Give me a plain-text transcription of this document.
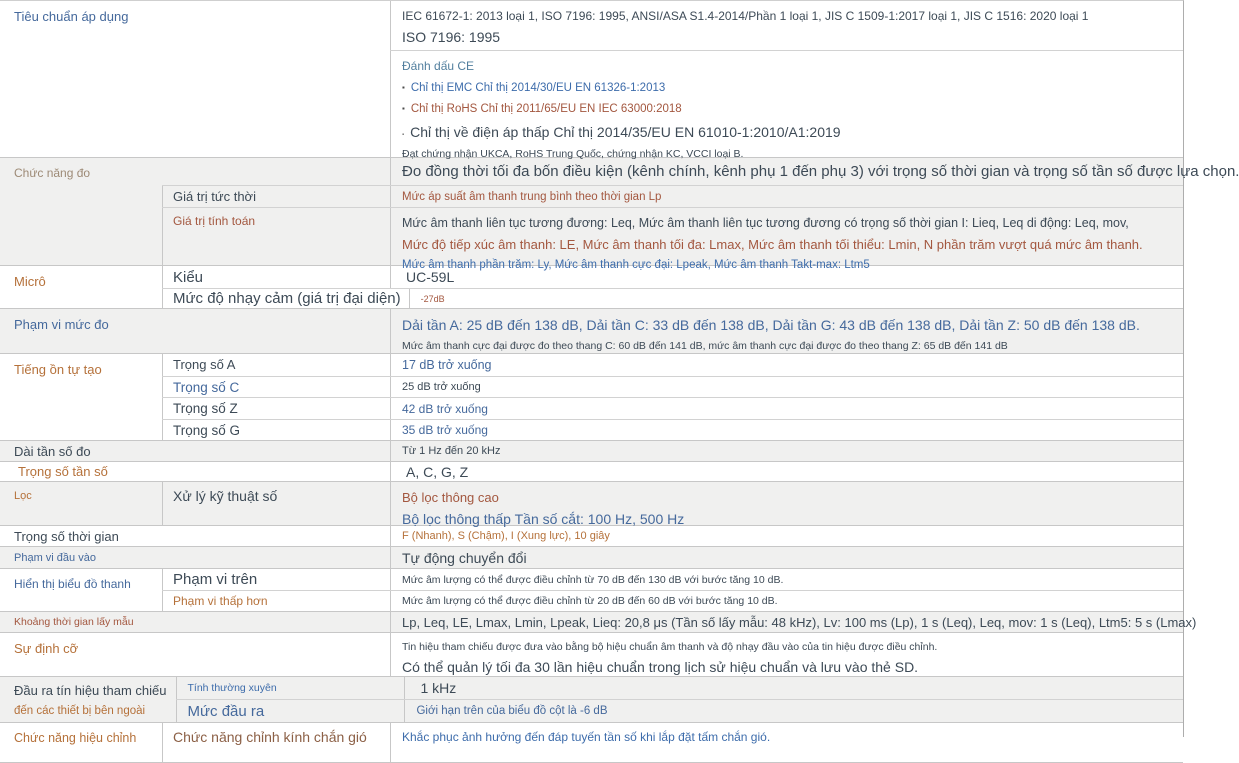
Tiêu chuẩn áp dụng	IEC 61672-1: 2013 loại 1, ISO 7196: 1995, ANSI/ASA S1.4-2014/Phần 1 loại 1, JIS C 1509-1:2017 loại 1, JIS C 1516: 2020 loại 1
ISO 7196: 1995
Đánh dấu CE
▪ Chỉ thị EMC Chỉ thị 2014/30/EU EN 61326-1:2013
▪ Chỉ thị RoHS Chỉ thị 2011/65/EU EN IEC 63000:2018
▪ Chỉ thị về điện áp thấp Chỉ thị 2014/35/EU EN 61010-1:2010/A1:2019
Đạt chứng nhận UKCA, RoHS Trung Quốc, chứng nhận KC, VCCI loại B.
Chức năng đo	Đo đồng thời tối đa bốn điều kiện (kênh chính, kênh phụ 1 đến phụ 3) với trọng số thời gian và trọng số tần số được lựa chọn.
Giá trị tức thời	Mức áp suất âm thanh trung bình theo thời gian Lp
Giá trị tính toán	Mức âm thanh liên tục tương đương: Leq, Mức âm thanh liên tục tương đương có trọng số thời gian I: Lieq, Leq di động: Leq, mov,
Mức độ tiếp xúc âm thanh: LE, Mức âm thanh tối đa: Lmax, Mức âm thanh tối thiểu: Lmin, N phần trăm vượt quá mức âm thanh.
Mức âm thanh phần trăm: Ly, Mức âm thanh cực đại: Lpeak, Mức âm thanh Takt-max: Ltm5
Micrô	Kiểu	UC-59L
Mức độ nhạy cảm (giá trị đại diện)	-27dB
Phạm vi mức đo	Dải tần A: 25 dB đến 138 dB, Dải tần C: 33 dB đến 138 dB, Dải tần G: 43 dB đến 138 dB, Dải tần Z: 50 dB đến 138 dB.
Mức âm thanh cực đại được đo theo thang C: 60 dB đến 141 dB, mức âm thanh cực đại được đo theo thang Z: 65 dB đến 141 dB
Tiếng ồn tự tạo	Trọng số A	17 dB trở xuống
Trọng số C	25 dB trở xuống
Trọng số Z	42 dB trở xuống
Trọng số G	35 dB trở xuống
Dài tần số đo	Từ 1 Hz đến 20 kHz
Trọng số tần số	A, C, G, Z
Lọc	Xử lý kỹ thuật số	Bộ lọc thông cao
Bộ lọc thông thấp Tần số cắt: 100 Hz, 500 Hz
Trọng số thời gian	F (Nhanh), S (Chậm), I (Xung lực), 10 giây
Phạm vi đầu vào	Tự động chuyển đổi
Hiển thị biểu đồ thanh	Phạm vi trên	Mức âm lượng có thể được điều chỉnh từ 70 dB đến 130 dB với bước tăng 10 dB.
Phạm vi thấp hơn	Mức âm lượng có thể được điều chỉnh từ 20 dB đến 60 dB với bước tăng 10 dB.
Khoảng thời gian lấy mẫu	Lp, Leq, LE, Lmax, Lmin, Lpeak, Lieq: 20,8 μs (Tần số lấy mẫu: 48 kHz), Lv: 100 ms (Lp), 1 s (Leq), Leq, mov: 1 s (Leq), Ltm5: 5 s (Lmax)
Sự định cỡ	Tin hiệu tham chiếu được đưa vào bằng bộ hiệu chuẩn âm thanh và độ nhạy đầu vào của tin hiệu được điều chỉnh.
Có thể quản lý tối đa 30 lần hiệu chuẩn trong lịch sử hiệu chuẩn và lưu vào thẻ SD.
Đầu ra tín hiệu tham chiếu
đến các thiết bị bên ngoài
Tính thường xuyên	1 kHz
Mức đầu ra	Giới hạn trên của biểu đồ cột là -6 dB
Chức năng hiệu chỉnh	Chức năng chỉnh kính chắn gió	Khắc phục ảnh hưởng đến đáp tuyến tần số khi lắp đặt tấm chắn gió.
